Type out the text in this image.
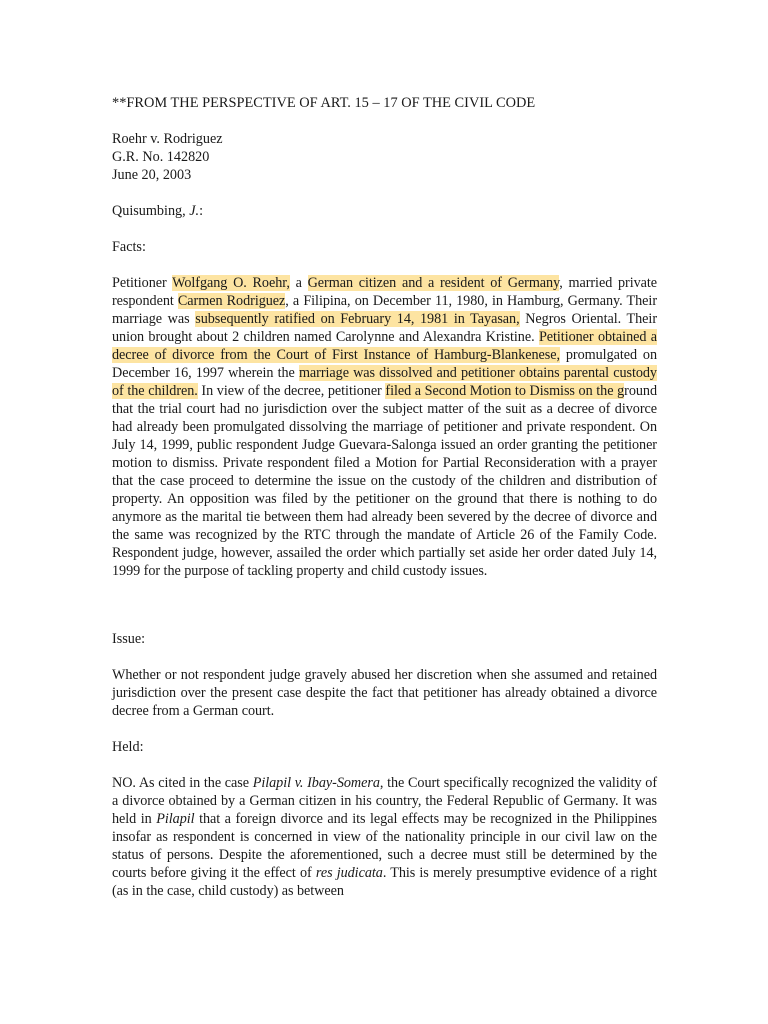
**FROM THE PERSPECTIVE OF ART. 15 – 17 OF THE CIVIL CODE
Roehr v. Rodriguez
G.R. No. 142820
June 20, 2003
Quisumbing, J.:
Facts:

Petitioner Wolfgang O. Roehr, a German citizen and a resident of Germany, married private respondent Carmen Rodriguez, a Filipina, on December 11, 1980, in Hamburg, Germany. Their marriage was subsequently ratified on February 14, 1981 in Tayasan, Negros Oriental. Their union brought about 2 children named Carolynne and Alexandra Kristine. Petitioner obtained a decree of divorce from the Court of First Instance of Hamburg-Blankenese, promulgated on December 16, 1997 wherein the marriage was dissolved and petitioner obtains parental custody of the children. In view of the decree, petitioner filed a Second Motion to Dismiss on the ground that the trial court had no jurisdiction over the subject matter of the suit as a decree of divorce had already been promulgated dissolving the marriage of petitioner and private respondent. On July 14, 1999, public respondent Judge Guevara-Salonga issued an order granting the petitioner motion to dismiss. Private respondent filed a Motion for Partial Reconsideration with a prayer that the case proceed to determine the issue on the custody of the children and distribution of property. An opposition was filed by the petitioner on the ground that there is nothing to do anymore as the marital tie between them had already been severed by the decree of divorce and the same was recognized by the RTC through the mandate of Article 26 of the Family Code. Respondent judge, however, assailed the order which partially set aside her order dated July 14, 1999 for the purpose of tackling property and child custody issues.

Issue:

Whether or not respondent judge gravely abused her discretion when she assumed and retained jurisdiction over the present case despite the fact that petitioner has already obtained a divorce decree from a German court.

Held:

NO. As cited in the case Pilapil v. Ibay-Somera, the Court specifically recognized the validity of a divorce obtained by a German citizen in his country, the Federal Republic of Germany. It was held in Pilapil that a foreign divorce and its legal effects may be recognized in the Philippines insofar as respondent is concerned in view of the nationality principle in our civil law on the status of persons. Despite the aforementioned, such a decree must still be determined by the courts before giving it the effect of res judicata. This is merely presumptive evidence of a right (as in the case, child custody) as between
